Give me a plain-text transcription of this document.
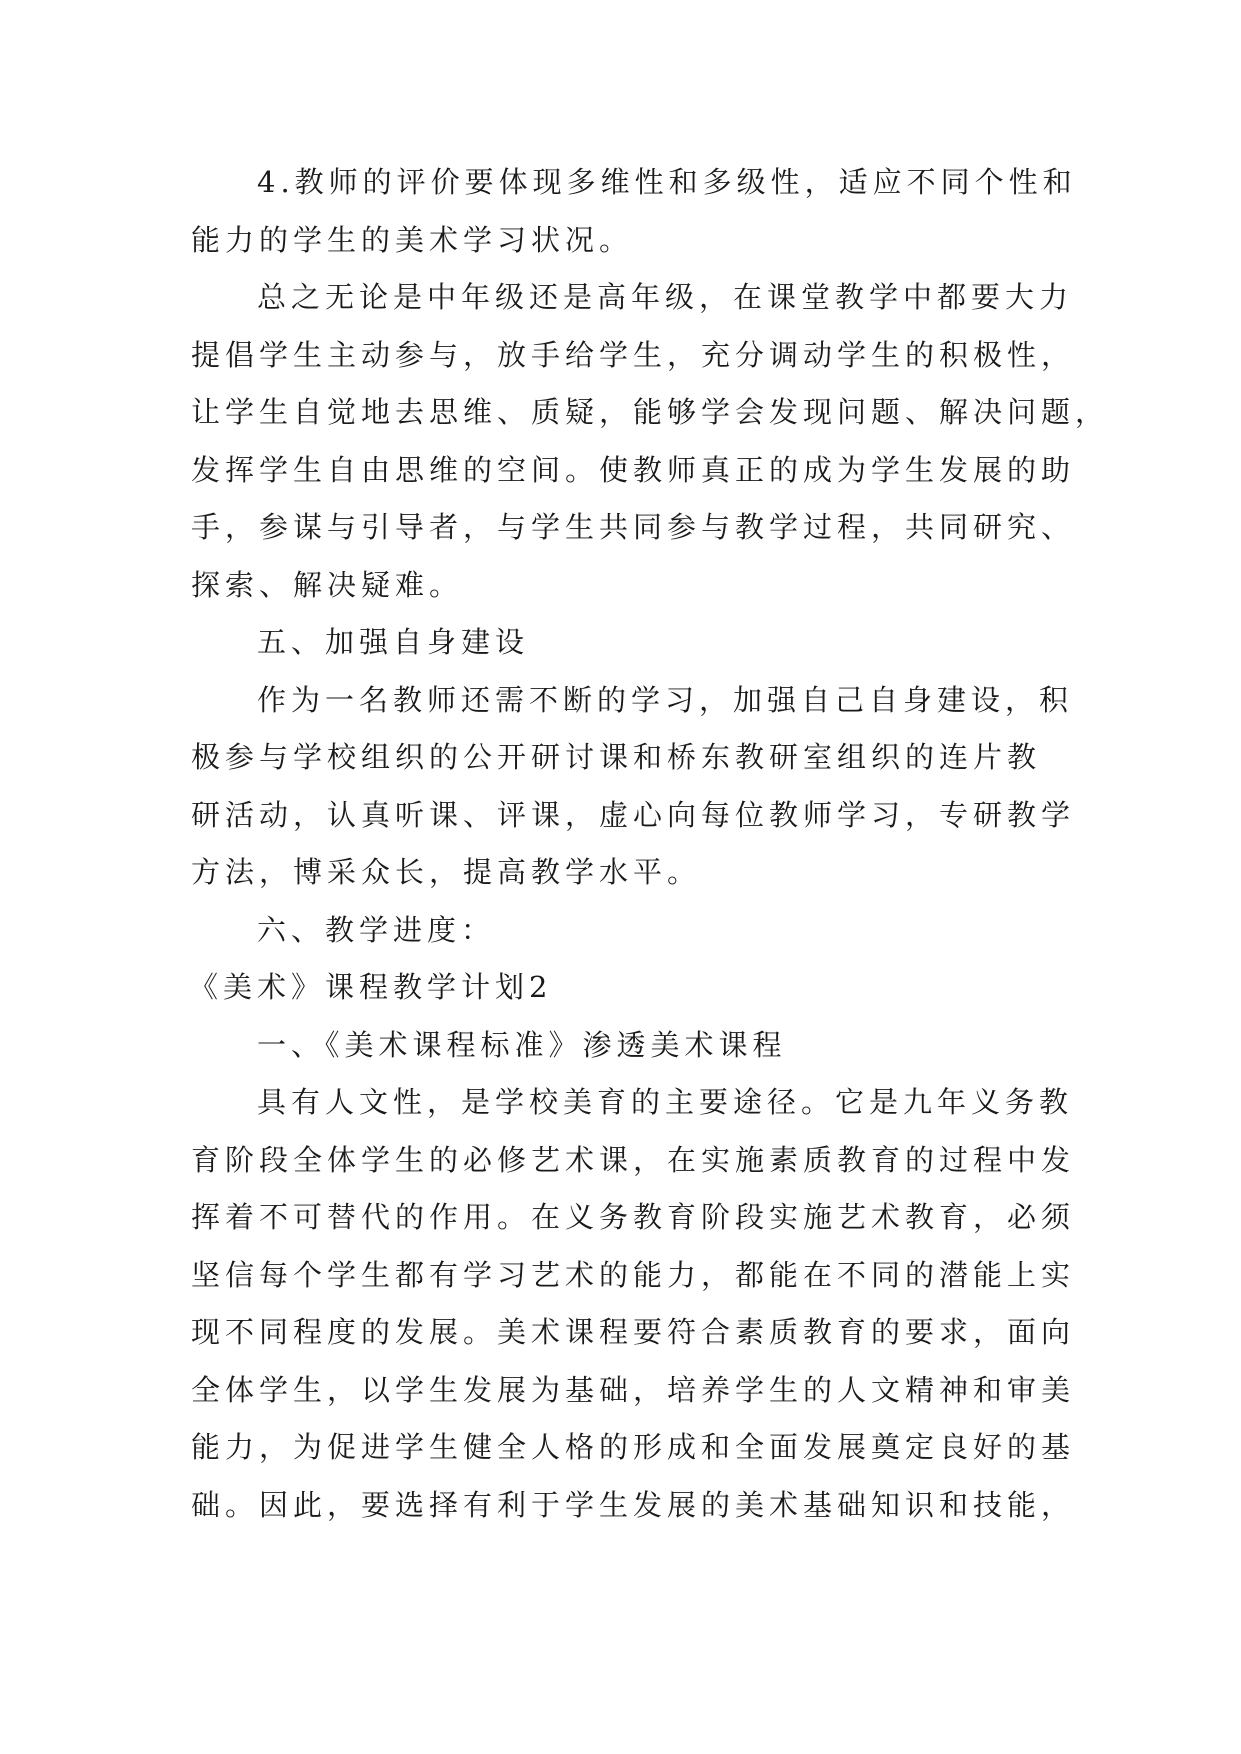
4.教师的评价要体现多维性和多级性，适应不同个性和
能力的学生的美术学习状况。
总之无论是中年级还是高年级，在课堂教学中都要大力
提倡学生主动参与，放手给学生，充分调动学生的积极性，
让学生自觉地去思维、质疑，能够学会发现问题、解决问题，
发挥学生自由思维的空间。使教师真正的成为学生发展的助
手，参谋与引导者，与学生共同参与教学过程，共同研究、
探索、解决疑难。
五、加强自身建设
作为一名教师还需不断的学习，加强自己自身建设，积
极参与学校组织的公开研讨课和桥东教研室组织的连片教
研活动，认真听课、评课，虚心向每位教师学习，专研教学
方法，博采众长，提高教学水平。
六、教学进度：
《美术》课程教学计划2
一、《美术课程标准》渗透美术课程
具有人文性，是学校美育的主要途径。它是九年义务教
育阶段全体学生的必修艺术课，在实施素质教育的过程中发
挥着不可替代的作用。在义务教育阶段实施艺术教育，必须
坚信每个学生都有学习艺术的能力，都能在不同的潜能上实
现不同程度的发展。美术课程要符合素质教育的要求，面向
全体学生，以学生发展为基础，培养学生的人文精神和审美
能力，为促进学生健全人格的形成和全面发展奠定良好的基
础。因此，要选择有利于学生发展的美术基础知识和技能，
